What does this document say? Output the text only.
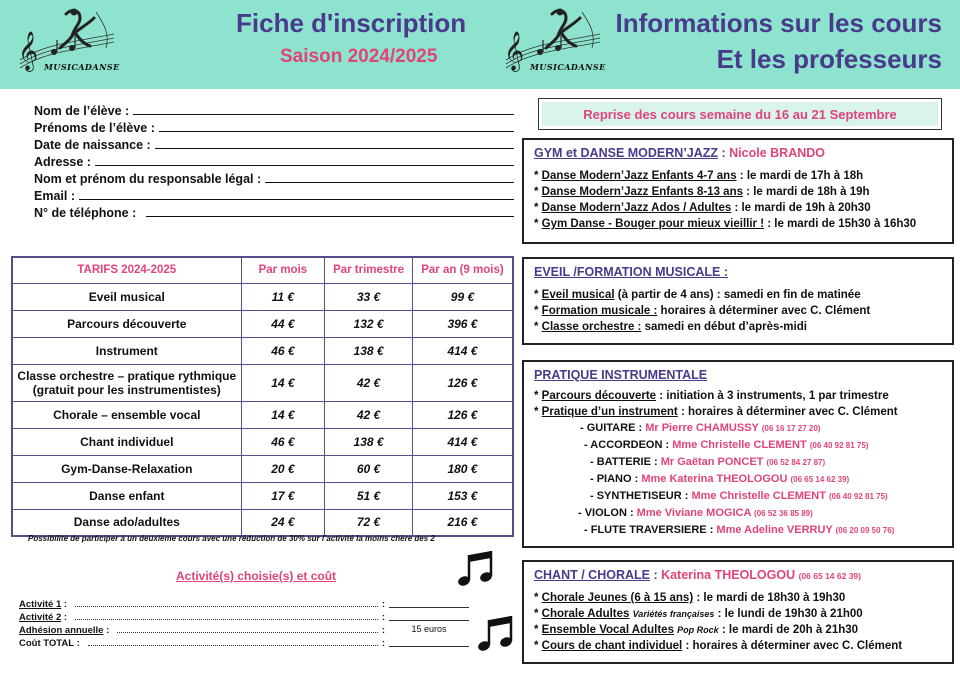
𝄞 MUSICADANSE
Fiche d'inscription
Saison 2024/2025 𝄞 MUSICADANSE
Informations sur les cours
Et les professeurs
Nom de l’élève :
Prénoms de l’élève :
Date de naissance :
Adresse :
Nom et prénom du responsable légal :
Email :
N° de téléphone :
TARIFS 2024-2025	Par mois	Par trimestre	Par an (9 mois)
Eveil musical	11 €	33 €	99 €
Parcours découverte	44 €	132 €	396 €
Instrument	46 €	138 €	414 €
Classe orchestre – pratique rythmique
(gratuit pour les instrumentistes)	14 €	42 €	126 €
Chorale – ensemble vocal	14 €	42 €	126 €
Chant individuel	46 €	138 €	414 €
Gym-Danse-Relaxation	20 €	60 €	180 €
Danse enfant	17 €	51 €	153 €
Danse ado/adultes	24 €	72 €	216 €
Possibilité de participer à un deuxième cours avec une réduction de 30% sur l’activité la moins chère des 2
Activité(s) choisie(s) et coût
Activité 1 :	:
Activité 2 :	:
Adhésion annuelle :	:	15 euros
Coût TOTAL :	:
Reprise des cours semaine du 16 au 21 Septembre
GYM et DANSE MODERN’JAZZ : Nicole BRANDO
* Danse Modern’Jazz Enfants 4-7 ans : le mardi de 17h à 18h
* Danse Modern’Jazz Enfants 8-13 ans : le mardi de 18h à 19h
* Danse Modern’Jazz Ados / Adultes : le mardi de 19h à 20h30
* Gym Danse - Bouger pour mieux vieillir ! : le mardi de 15h30 à 16h30
EVEIL /FORMATION MUSICALE :
* Eveil musical (à partir de 4 ans) : samedi en fin de matinée
* Formation musicale : horaires à déterminer avec C. Clément
* Classe orchestre : samedi en début d’après-midi
PRATIQUE INSTRUMENTALE
* Parcours découverte : initiation à 3 instruments, 1 par trimestre
* Pratique d’un instrument : horaires à déterminer avec C. Clément
- GUITARE : Mr Pierre CHAMUSSY (06 16 17 27 20)
- ACCORDEON : Mme Christelle CLEMENT (06 40 92 81 75)
- BATTERIE : Mr Gaëtan PONCET (06 52 84 27 87)
- PIANO : Mme Katerina THEOLOGOU (06 65 14 62 39)
- SYNTHETISEUR : Mme Christelle CLEMENT (06 40 92 81 75)
- VIOLON : Mme Viviane MOGICA (06 52 36 85 89)
- FLUTE TRAVERSIERE : Mme Adeline VERRUY (06 20 09 50 76)
CHANT / CHORALE : Katerina THEOLOGOU (06 65 14 62 39)
* Chorale Jeunes (6 à 15 ans) : le mardi de 18h30 à 19h30
* Chorale Adultes Variétés françaises : le lundi de 19h30 à 21h00
* Ensemble Vocal Adultes Pop Rock : le mardi de 20h à 21h30
* Cours de chant individuel : horaires à déterminer avec C. Clément
